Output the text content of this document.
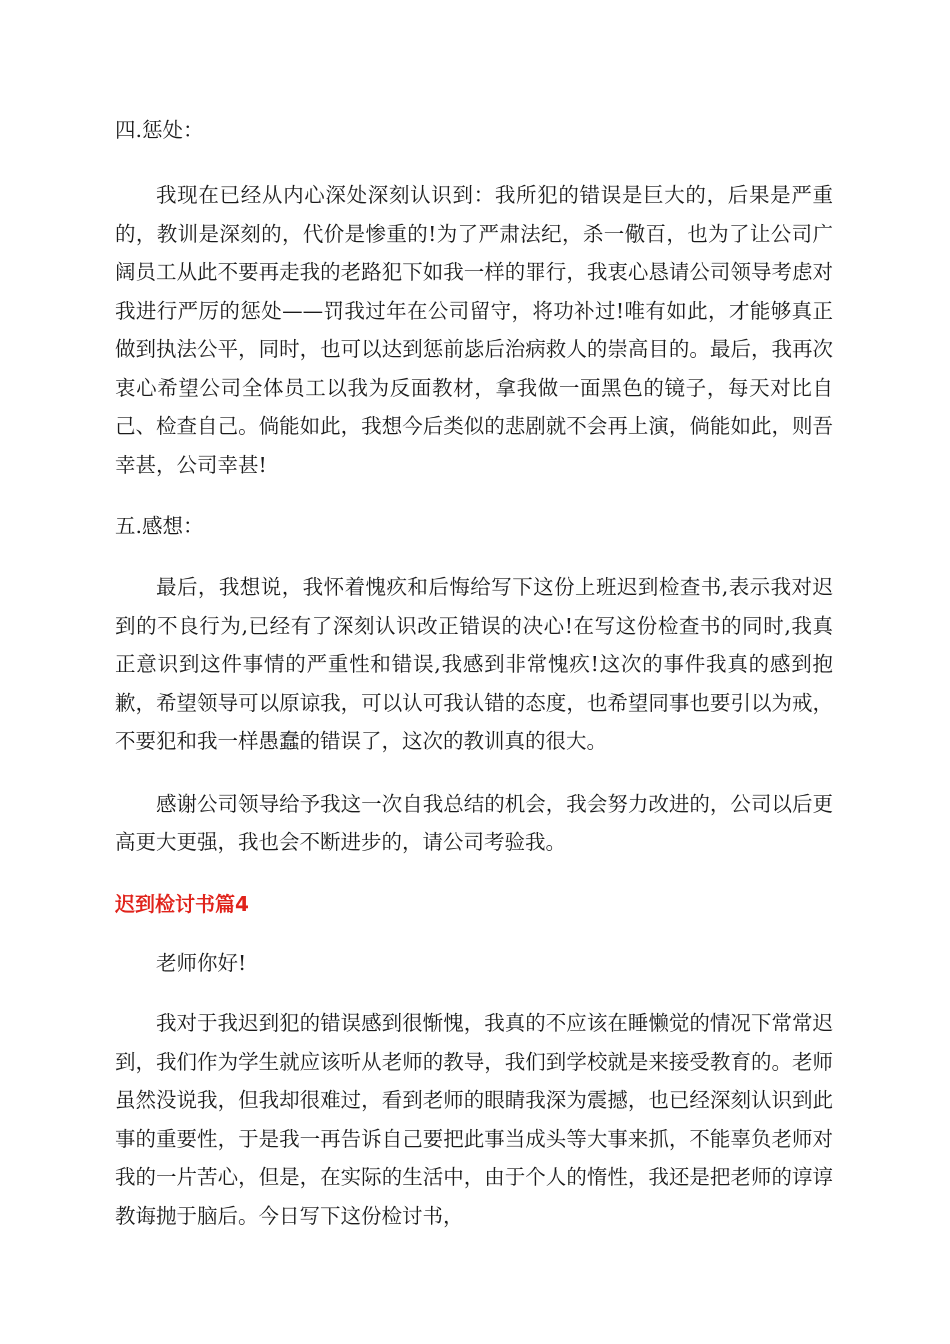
四.惩处：

我现在已经从内心深处深刻认识到：我所犯的错误是巨大的，后果是严重的，教训是深刻的，代价是惨重的!为了严肃法纪，杀一儆百，也为了让公司广阔员工从此不要再走我的老路犯下如我一样的罪行，我衷心恳请公司领导考虑对我进行严厉的惩处——罚我过年在公司留守，将功补过!唯有如此，才能够真正做到执法公平，同时，也可以达到惩前毖后治病救人的崇高目的。最后，我再次衷心希望公司全体员工以我为反面教材，拿我做一面黑色的镜子，每天对比自己、检查自己。倘能如此，我想今后类似的悲剧就不会再上演，倘能如此，则吾幸甚，公司幸甚!

五.感想：

最后，我想说，我怀着愧疚和后悔给写下这份上班迟到检查书,表示我对迟到的不良行为,已经有了深刻认识改正错误的决心!在写这份检查书的同时,我真正意识到这件事情的严重性和错误,我感到非常愧疚!这次的事件我真的感到抱歉，希望领导可以原谅我，可以认可我认错的态度，也希望同事也要引以为戒，不要犯和我一样愚蠢的错误了，这次的教训真的很大。

感谢公司领导给予我这一次自我总结的机会，我会努力改进的，公司以后更高更大更强，我也会不断进步的，请公司考验我。

迟到检讨书篇4

老师你好!

我对于我迟到犯的错误感到很惭愧，我真的不应该在睡懒觉的情况下常常迟到，我们作为学生就应该听从老师的教导，我们到学校就是来接受教育的。老师虽然没说我，但我却很难过，看到老师的眼睛我深为震撼，也已经深刻认识到此事的重要性，于是我一再告诉自己要把此事当成头等大事来抓，不能辜负老师对我的一片苦心，但是，在实际的生活中，由于个人的惰性，我还是把老师的谆谆教诲抛于脑后。今日写下这份检讨书，
